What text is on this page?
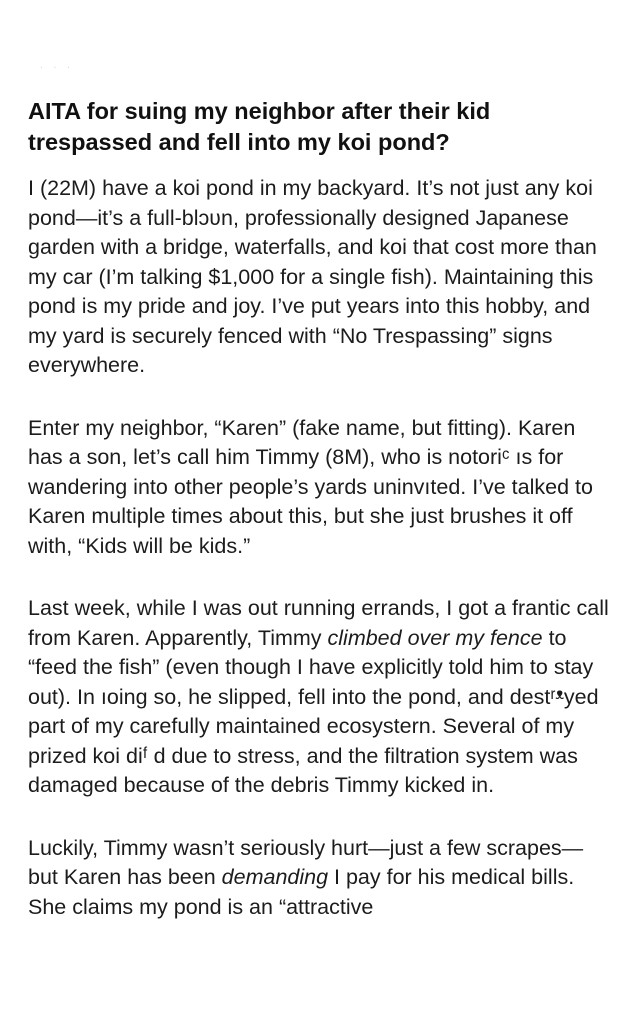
. . .
AITA for suing my neighbor after their kid trespassed and fell into my koi pond?

I (22M) have a koi pond in my backyard. It’s not just any koi pond—it’s a full-blɔʋn, professionally designed Japanese garden with a bridge, waterfalls, and koi that cost more than my car (I’m talking $1,000 for a single fish). Maintaining this pond is my pride and joy. I’ve put years into this hobby, and my yard is securely fenced with “No Trespassing” signs everywhere.

Enter my neighbor, “Karen” (fake name, but fitting). Karen has a son, let’s call him Timmy (8M), who is notoriᶜ ıs for wandering into other people’s yards uninvıted. I’ve talked to Karen multiple times about this, but she just brushes it off with, “Kids will be kids.”

Last week, while I was out running errands, I got a frantic call from Karen. Apparently, Timmy climbed over my fence to “feed the fish” (even though I have explicitly told him to stay out). In ıoing so, he slipped, fell into the pond, and destʳᵜyed part of my carefully maintained ecosystern. Several of my prized koi diᶠ d due to stress, and the filtration system was damaged because of the debris Timmy kicked in.

Luckily, Timmy wasn’t seriously hurt—just a few scrapes—but Karen has been demanding I pay for his medical bills. She claims my pond is an “attractive
